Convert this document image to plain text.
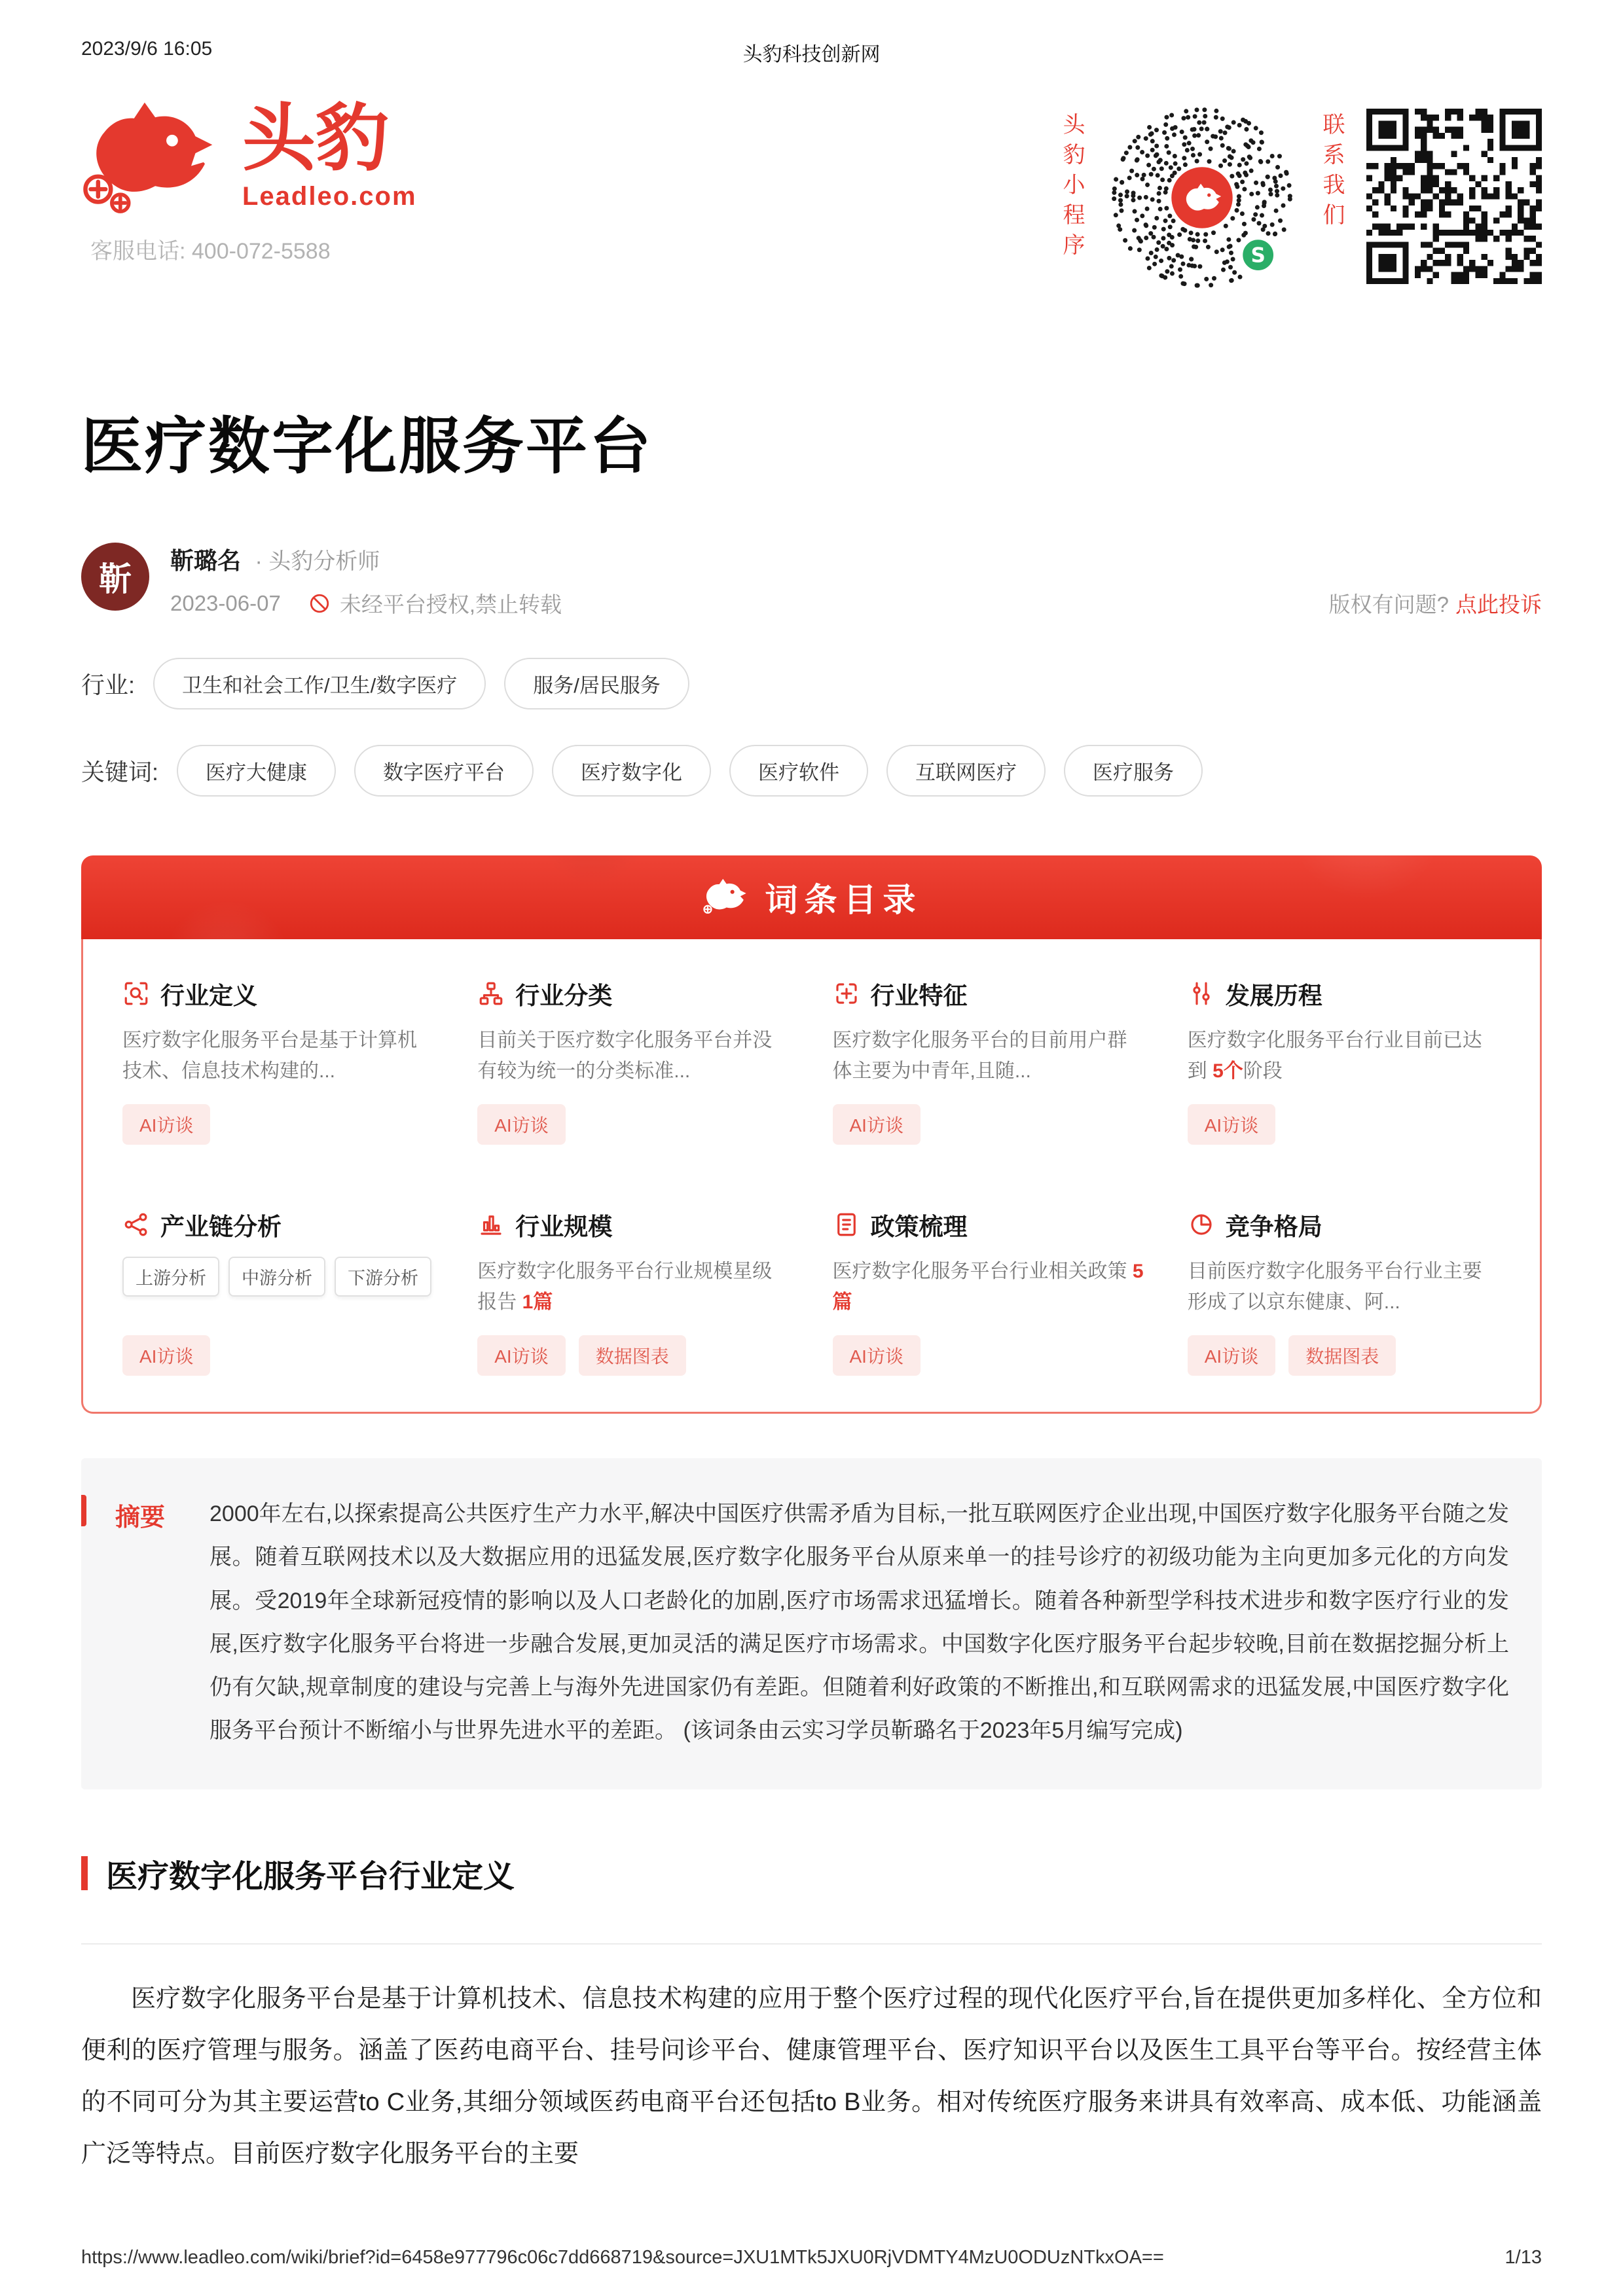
2023/9/6 16:05	头豹科技创新网
头豹
Leadleo.com
客服电话: 400-072-5588	头豹小程序	S
联系我们
医疗数字化服务平台
靳
靳璐名 · 头豹分析师
2023-06-07	未经平台授权,禁止转载	版权有问题? 点此投诉
行业:	卫生和社会工作/卫生/数字医疗	服务/居民服务
关键词:	医疗大健康	数字医疗平台	医疗数字化	医疗软件	互联网医疗	医疗服务
词条目录
行业定义

医疗数字化服务平台是基于计算机技术、信息技术构建的...

AI访谈
行业分类

目前关于医疗数字化服务平台并没有较为统一的分类标准...

AI访谈
行业特征

医疗数字化服务平台的目前用户群体主要为中青年,且随...

AI访谈
发展历程

医疗数字化服务平台行业目前已达到 5个阶段

AI访谈
产业链分析
上游分析	中游分析	下游分析
AI访谈
行业规模

医疗数字化服务平台行业规模星级报告 1篇

AI访谈	数据图表
政策梳理

医疗数字化服务平台行业相关政策 5篇

AI访谈
竞争格局

目前医疗数字化服务平台行业主要形成了以京东健康、阿...

AI访谈	数据图表
摘要 2000年左右,以探索提高公共医疗生产力水平,解决中国医疗供需矛盾为目标,一批互联网医疗企业出现,中国医疗数字化服务平台随之发展。随着互联网技术以及大数据应用的迅猛发展,医疗数字化服务平台从原来单一的挂号诊疗的初级功能为主向更加多元化的方向发展。受2019年全球新冠疫情的影响以及人口老龄化的加剧,医疗市场需求迅猛增长。随着各种新型学科技术进步和数字医疗行业的发展,医疗数字化服务平台将进一步融合发展,更加灵活的满足医疗市场需求。中国数字化医疗服务平台起步较晚,目前在数据挖掘分析上仍有欠缺,规章制度的建设与完善上与海外先进国家仍有差距。但随着利好政策的不断推出,和互联网需求的迅猛发展,中国医疗数字化服务平台预计不断缩小与世界先进水平的差距。 (该词条由云实习学员靳璐名于2023年5月编写完成)
医疗数字化服务平台行业定义

医疗数字化服务平台是基于计算机技术、信息技术构建的应用于整个医疗过程的现代化医疗平台,旨在提供更加多样化、全方位和便利的医疗管理与服务。涵盖了医药电商平台、挂号问诊平台、健康管理平台、医疗知识平台以及医生工具平台等平台。按经营主体的不同可分为其主要运营to C业务,其细分领域医药电商平台还包括to B业务。相对传统医疗服务来讲具有效率高、成本低、功能涵盖广泛等特点。目前医疗数字化服务平台的主要

https://www.leadleo.com/wiki/brief?id=6458e977796c06c7dd668719&source=JXU1MTk5JXU0RjVDMTY4MzU0ODUzNTkxOA==	1/13
